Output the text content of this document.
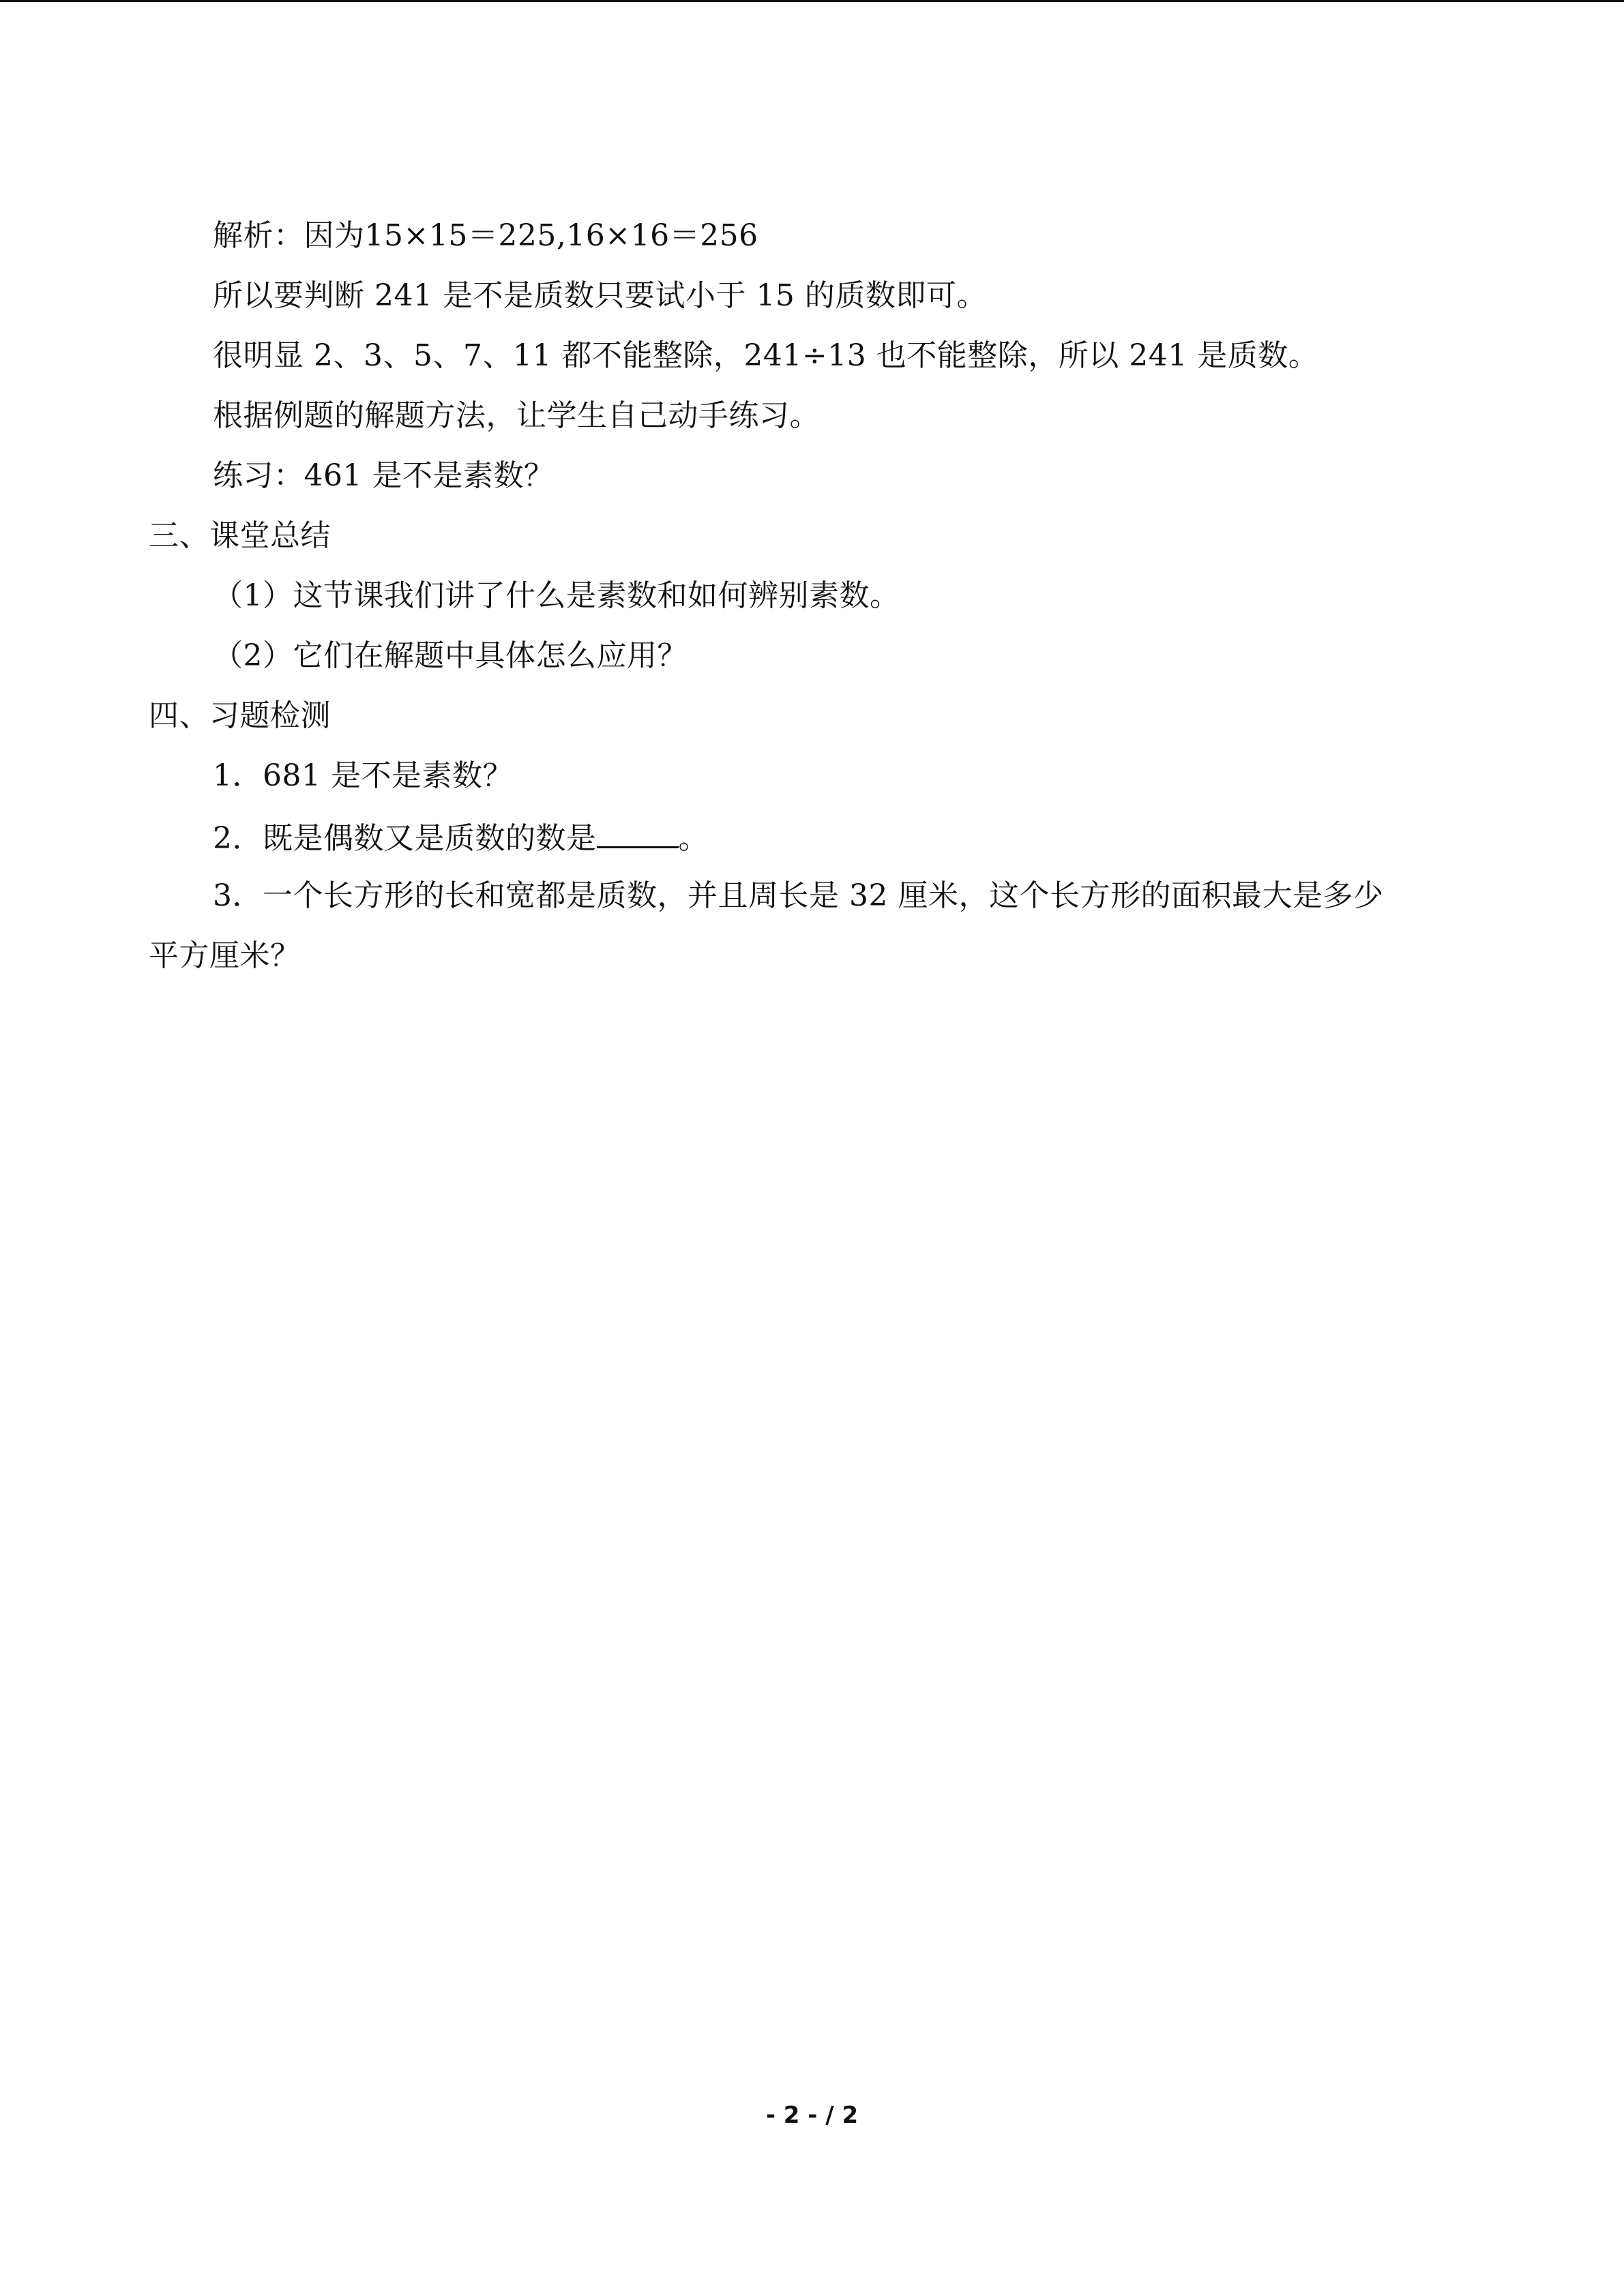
解析：因为15×15＝225,16×16＝256
所以要判断 241 是不是质数只要试小于 15 的质数即可。
很明显 2、3、5、7、11 都不能整除，241÷13 也不能整除，所以 241 是质数。
根据例题的解题方法，让学生自己动手练习。
练习：461 是不是素数？
三、课堂总结
（1）这节课我们讲了什么是素数和如何辨别素数。
（2）它们在解题中具体怎么应用？
四、习题检测
1．681 是不是素数？
2．既是偶数又是质数的数是	。
3．一个长方形的长和宽都是质数，并且周长是 32 厘米，这个长方形的面积最大是多少
平方厘米？
- 2 - / 2
